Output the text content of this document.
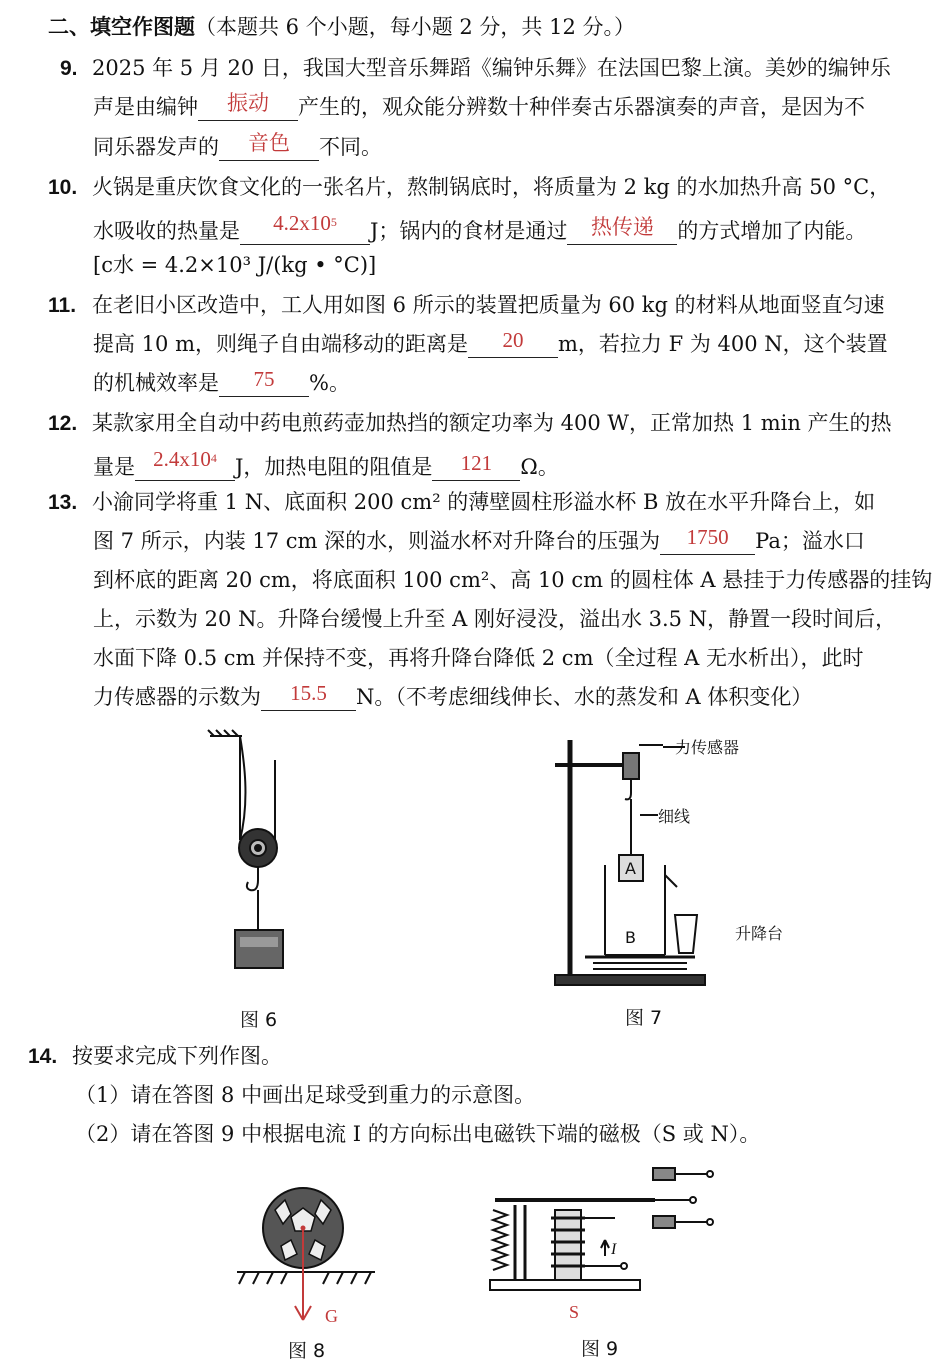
二、填空作图题（本题共 6 个小题，每小题 2 分，共 12 分。）
9. 2025 年 5 月 20 日，我国大型音乐舞蹈《编钟乐舞》在法国巴黎上演。美妙的编钟乐
声是由编钟 振动 产生的，观众能分辨数十种伴奏古乐器演奏的声音，是因为不
同乐器发声的 音色 不同。
10. 火锅是重庆饮食文化的一张名片，熬制锅底时，将质量为 2 kg 的水加热升高 50 °C，
水吸收的热量是 $4.2x10^5$ J；锅内的食材是通过 热传递 的方式增加了内能。
[c水 = 4.2×10³ J/(kg • °C)]
11. 在老旧小区改造中，工人用如图 6 所示的装置把质量为 60 kg 的材料从地面竖直匀速
提高 10 m，则绳子自由端移动的距离是 20 m，若拉力 F 为 400 N，这个装置
的机械效率是 75 %。
12. 某款家用全自动中药电煎药壶加热挡的额定功率为 400 W，正常加热 1 min 产生的热
量是 $2.4x10^4$ J，加热电阻的阻值是 121 Ω。
13. 小渝同学将重 1 N、底面积 200 cm² 的薄壁圆柱形溢水杯 B 放在水平升降台上，如
图 7 所示，内装 17 cm 深的水，则溢水杯对升降台的压强为 1750 Pa；溢水口
到杯底的距离 20 cm，将底面积 100 cm²、高 10 cm 的圆柱体 A 悬挂于力传感器的挂钩
上，示数为 20 N。升降台缓慢上升至 A 刚好浸没，溢出水 3.5 N，静置一段时间后，
水面下降 0.5 cm 并保持不变，再将升降台降低 2 cm（全过程 A 无水析出），此时
力传感器的示数为 15.5 N。（不考虑细线伸长、水的蒸发和 A 体积变化）
图 6
A
B
力传感器
细线
升降台
图 7
14. 按要求完成下列作图。
（1）请在答图 8 中画出足球受到重力的示意图。
（2）请在答图 9 中根据电流 I 的方向标出电磁铁下端的磁极（S 或 N）。
G
图 8
I
S
图 9
